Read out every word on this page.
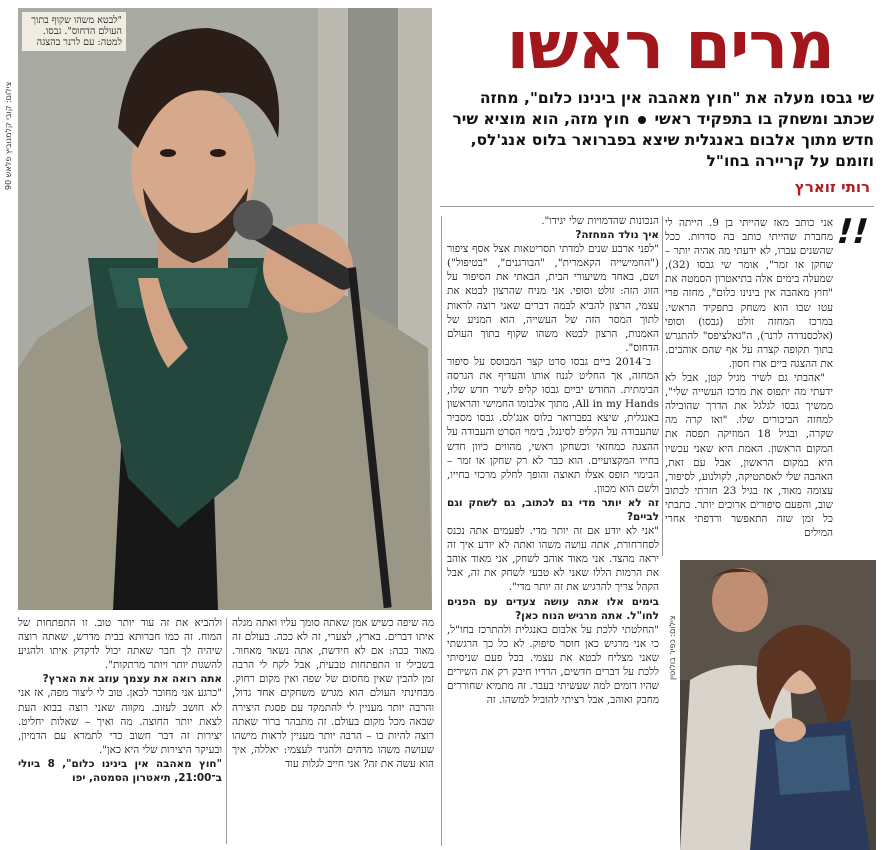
"לבטא משהו שקוף בתוך העולם הדחוס". גבסו. למטה: עם לרנר בהצגה
צילום: קובי קלמנוביץ פלאש 90
מרים ראשו
שי גבסו מעלה את "חוץ מאהבה אין בינינו כלום", מחזה שכתב ומשחק בו בתפקיד ראשי  חוץ מזה, הוא מוציא שיר חדש מתוך אלבום באנגלית שיצא בפברואר בלוס אנג'לס, וזומם על קריירה בחו"ל
רותי זוארץ
!!

אני כותב מאז שהייתי בן 9. הייתה לי מחברת שהייתי כותב בה סדרות. ככל שהשנים עברו, לא ידעתי מה אהיה יותר – שחקן או זמר", אומר שי גבסו (32), שמעלה בימים אלה בתיאטרון הסמטה את "חוץ מאהבה אין בינינו כלום", מחזה פרי עטו שבו הוא משחק בתפקיד הראשי. במרכז המחזה זולט (גבסו) וסופי (אלכסנדרה לרנר), ה"גאלציפס" להתגרש בתוך תקופה קצרה על אף שהם אוהבים. את ההצגה ביים ארז חסון.

"אהבתי גם לשיר מגיל קטן, אבל לא ידעתי מה יתפוס את מרכז העשייה שלי", ממשיך גבסו לגלגל את הדרך שהובילה למחזה הביכורים שלו. "ואז קרה מה שקרה, ובגיל 18 המוזיקה תפסה את המקום הראשון. האמת היא שאני עכשיו היא במקום הראשון, אבל עם זאת, האהבה שלי לאסתטיקה, לקולנוע, לסיפור, עצומה מאוד, אז בגיל 23 חזרתי לכתוב שוב, והפעם סיפורים ארוכים יותר. כתבתי כל זמן שזה התאפשר ורדפתי אחרי המילים

הנכונות שהדמויות שלי יגידו".

איך נולד המחזה?

"לפני ארבע שנים למדתי תסריטאות אצל אסף ציפור ("החמישייה הקאמרית", "הבורגנים", "בטיפול") ושם, באחד משיעורי הבית, הבאתי את הסיפור על הזוג הזה: זולט וסופי. אני מניח שהרצון לבטא את עצמי, הרצון להביא לבמה דברים שאני רוצה לראות לתוך המסר הזה של העשייה, הוא המניע של האמנות, הרצון לבטא משהו שקוף בתוך העולם הדחוס".

ב־2014 ביים גבסו סרט קצר המבוסס על סיפור המחזה, אך החליט לגנוז אותו והעדיף את הגרסה הבימתית. החודש יביים גבסו קליפ לשיר חדש שלו, All in my Hands, מתוך אלבומו החמישי והראשון באנגלית, שיצא בפברואר בלוס אנג'לס. גבסו מסביר שהעבודה על הקליפ לסינגל, בימוי הסרט והעבודה על ההצגה כמחזאי וכשחקן ראשי, מהווים כיוון חדש בחייו המקצועיים. הוא כבר לא רק שחקן או זמר – הבימוי תופס אצלו תאוצה והופך לחלק מרכזי בחייו, ולשם הוא מכוון.

זה לא יותר מדי גם לכתוב, גם לשחק וגם לביים?

"אני לא יודע אם זה יותר מדי. לפעמים אתה נכנס לסחרחורת, אתה עושה משהו ואתה לא יודע איך זה יראה מהצד. אני מאוד אוהב לשחק, אני מאוד אוהב את הרמות הללו שאני לא טבעי לשחק את זה, אבל הקהל צריך להרגיש את זה יותר מדי".

בימים אלו אתה עושה צעדים עם הפנים לחו"ל. אתה מרגיש הנוח כאן?

"החלטתי ללכת על אלבום באנגלית ולהתרכז בחו"ל, כי אני מרגיש כאן חוסר סיפוק. לא כל כך הרגשתי שאני מצליח לבטא את עצמי. בכל פעם שניסיתי ללכת על דברים חדשים, הרדיו חיבק רק את השירים שהיו דומים למה שעשיתי בעבר. זה מתמיא שחוררים מחבק ואוהב, אבל רציתי להוביל למשהו. זה

צילום: כפיר בולוטין

מה שיפה כשיש אמן שאתה סומך עליו ואתה מגלה איתו דברים. בארץ, לצערי, זה לא ככה. בעולם זה מאוד ככה: אם לא חידשת, אתה נשאר מאחור. בשבילי זו התפתחות טבעית, אבל לקח לי הרבה זמן להבין שאין מחסום של שפה ואין מקום רחוק. מבחינתי העולם הוא מגרש משחקים אחד גדול, והרבה יותר מעניין לי להתמקד עם פסגת היצירה שבאה מכל מקום בעולם. זה מתבהר ברור שאתה רוצה להיות בו – הרבה יותר מעניין לראות מישהו שעושה משהו מדהים ולהגיד לעצמי: יאללה, איך הוא עשה את זה? אני חייב לגלות עוד

ולהביא את זה עוד יותר טוב. זו התפתחות של המוח. זה כמו חברותא בבית מדרש, שאתה רוצה שיהיה לך חבר שאתה יכול לדקדק איתו ולהגיע להשגות יותר ויותר מרתקות".

אתה רואה את עצמך עוזב את הארץ?

"כרגע אני מחובר לכאן. טוב לי ליצור מפה, אז אני לא חושב לעזוב. מקווה שאני רוצה בבוא העת לצאת יותר החוצה. מה ואיך – שאלות יחליט. יצירות זה דבר חשוב כדי לתמרא עם הדמיון, ובעיקר היצירות שלי היא כאן".

"חוץ מאהבה אין בינינו כלום", 8 ביולי ב־21:00, תיאטרון הסמטה, יפו
